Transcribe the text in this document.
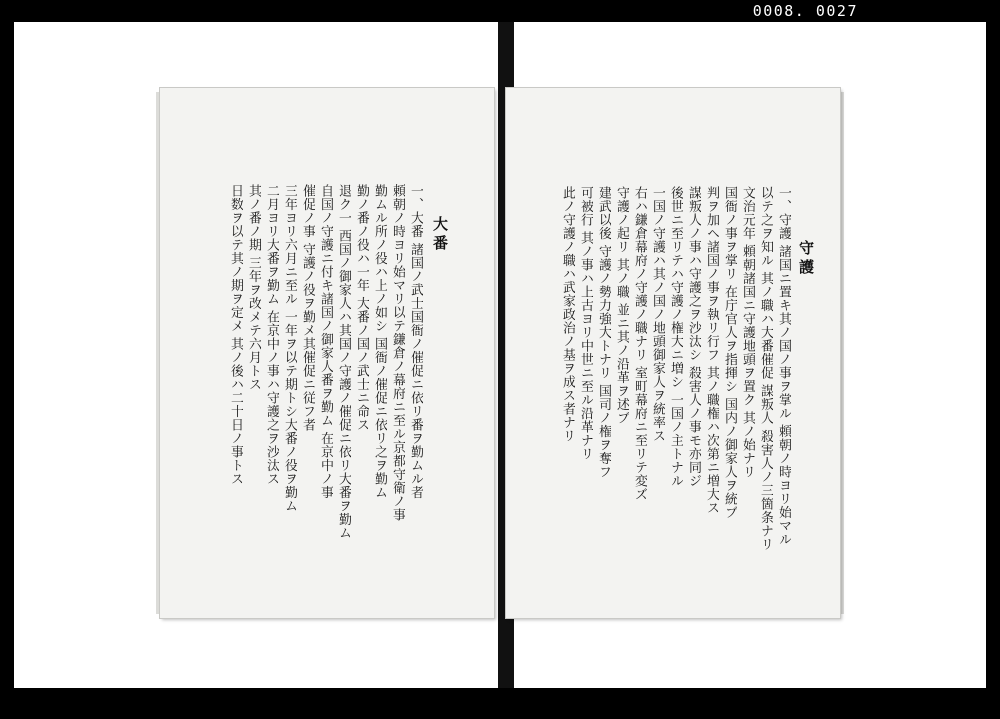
0008. 0027
大番
一、大番 諸国ノ武士国衙ノ催促ニ依リ番ヲ勤ムル者
頼朝ノ時ヨリ始マリ以テ鎌倉ノ幕府ニ至ル京都守衛ノ事
勤ムル所ノ役ハ上ノ如シ 国衙ノ催促ニ依リ之ヲ勤ム
勤ノ番ノ役ハ一年 大番ノ国ノ武士ニ命ス
退ク一 西国ノ御家人ハ其国ノ守護ノ催促ニ依リ大番ヲ勤ム
自国ノ守護ニ付キ諸国ノ御家人番ヲ勤ム 在京中ノ事
催促ノ事 守護ノ役ヲ勤メ其催促ニ従フ者
三年ヨリ六月ニ至ル 一年ヲ以テ期トシ大番ノ役ヲ勤ム
二月ヨリ大番ヲ勤ム 在京中ノ事ハ守護之ヲ沙汰ス
其ノ番ノ期 三年ヲ改メテ六月トス
日数ヲ以テ其ノ期ヲ定メ 其ノ後ハ二十日ノ事トス	守護
一、守護 諸国ニ置キ其ノ国ノ事ヲ掌ル 頼朝ノ時ヨリ始マル
以テ之ヲ知ル 其ノ職ハ大番催促 謀叛人 殺害人ノ三箇条ナリ
文治元年 頼朝諸国ニ守護地頭ヲ置ク 其ノ始ナリ
国衙ノ事ヲ掌リ 在庁官人ヲ指揮シ 国内ノ御家人ヲ統ブ
判ヲ加ヘ諸国ノ事ヲ執リ行フ 其ノ職権ハ次第ニ増大ス
謀叛人ノ事ハ守護之ヲ沙汰シ 殺害人ノ事モ亦同ジ
後世ニ至リテハ守護ノ権大ニ増シ 一国ノ主トナル
一国ノ守護ハ其ノ国ノ地頭御家人ヲ統率ス
右ハ鎌倉幕府ノ守護ノ職ナリ 室町幕府ニ至リテ変ズ
守護ノ起リ 其ノ職 並ニ其ノ沿革ヲ述ブ
建武以後 守護ノ勢力強大トナリ 国司ノ権ヲ奪フ
可被行 其ノ事ハ上古ヨリ中世ニ至ル沿革ナリ
此ノ守護ノ職ハ武家政治ノ基ヲ成ス者ナリ
